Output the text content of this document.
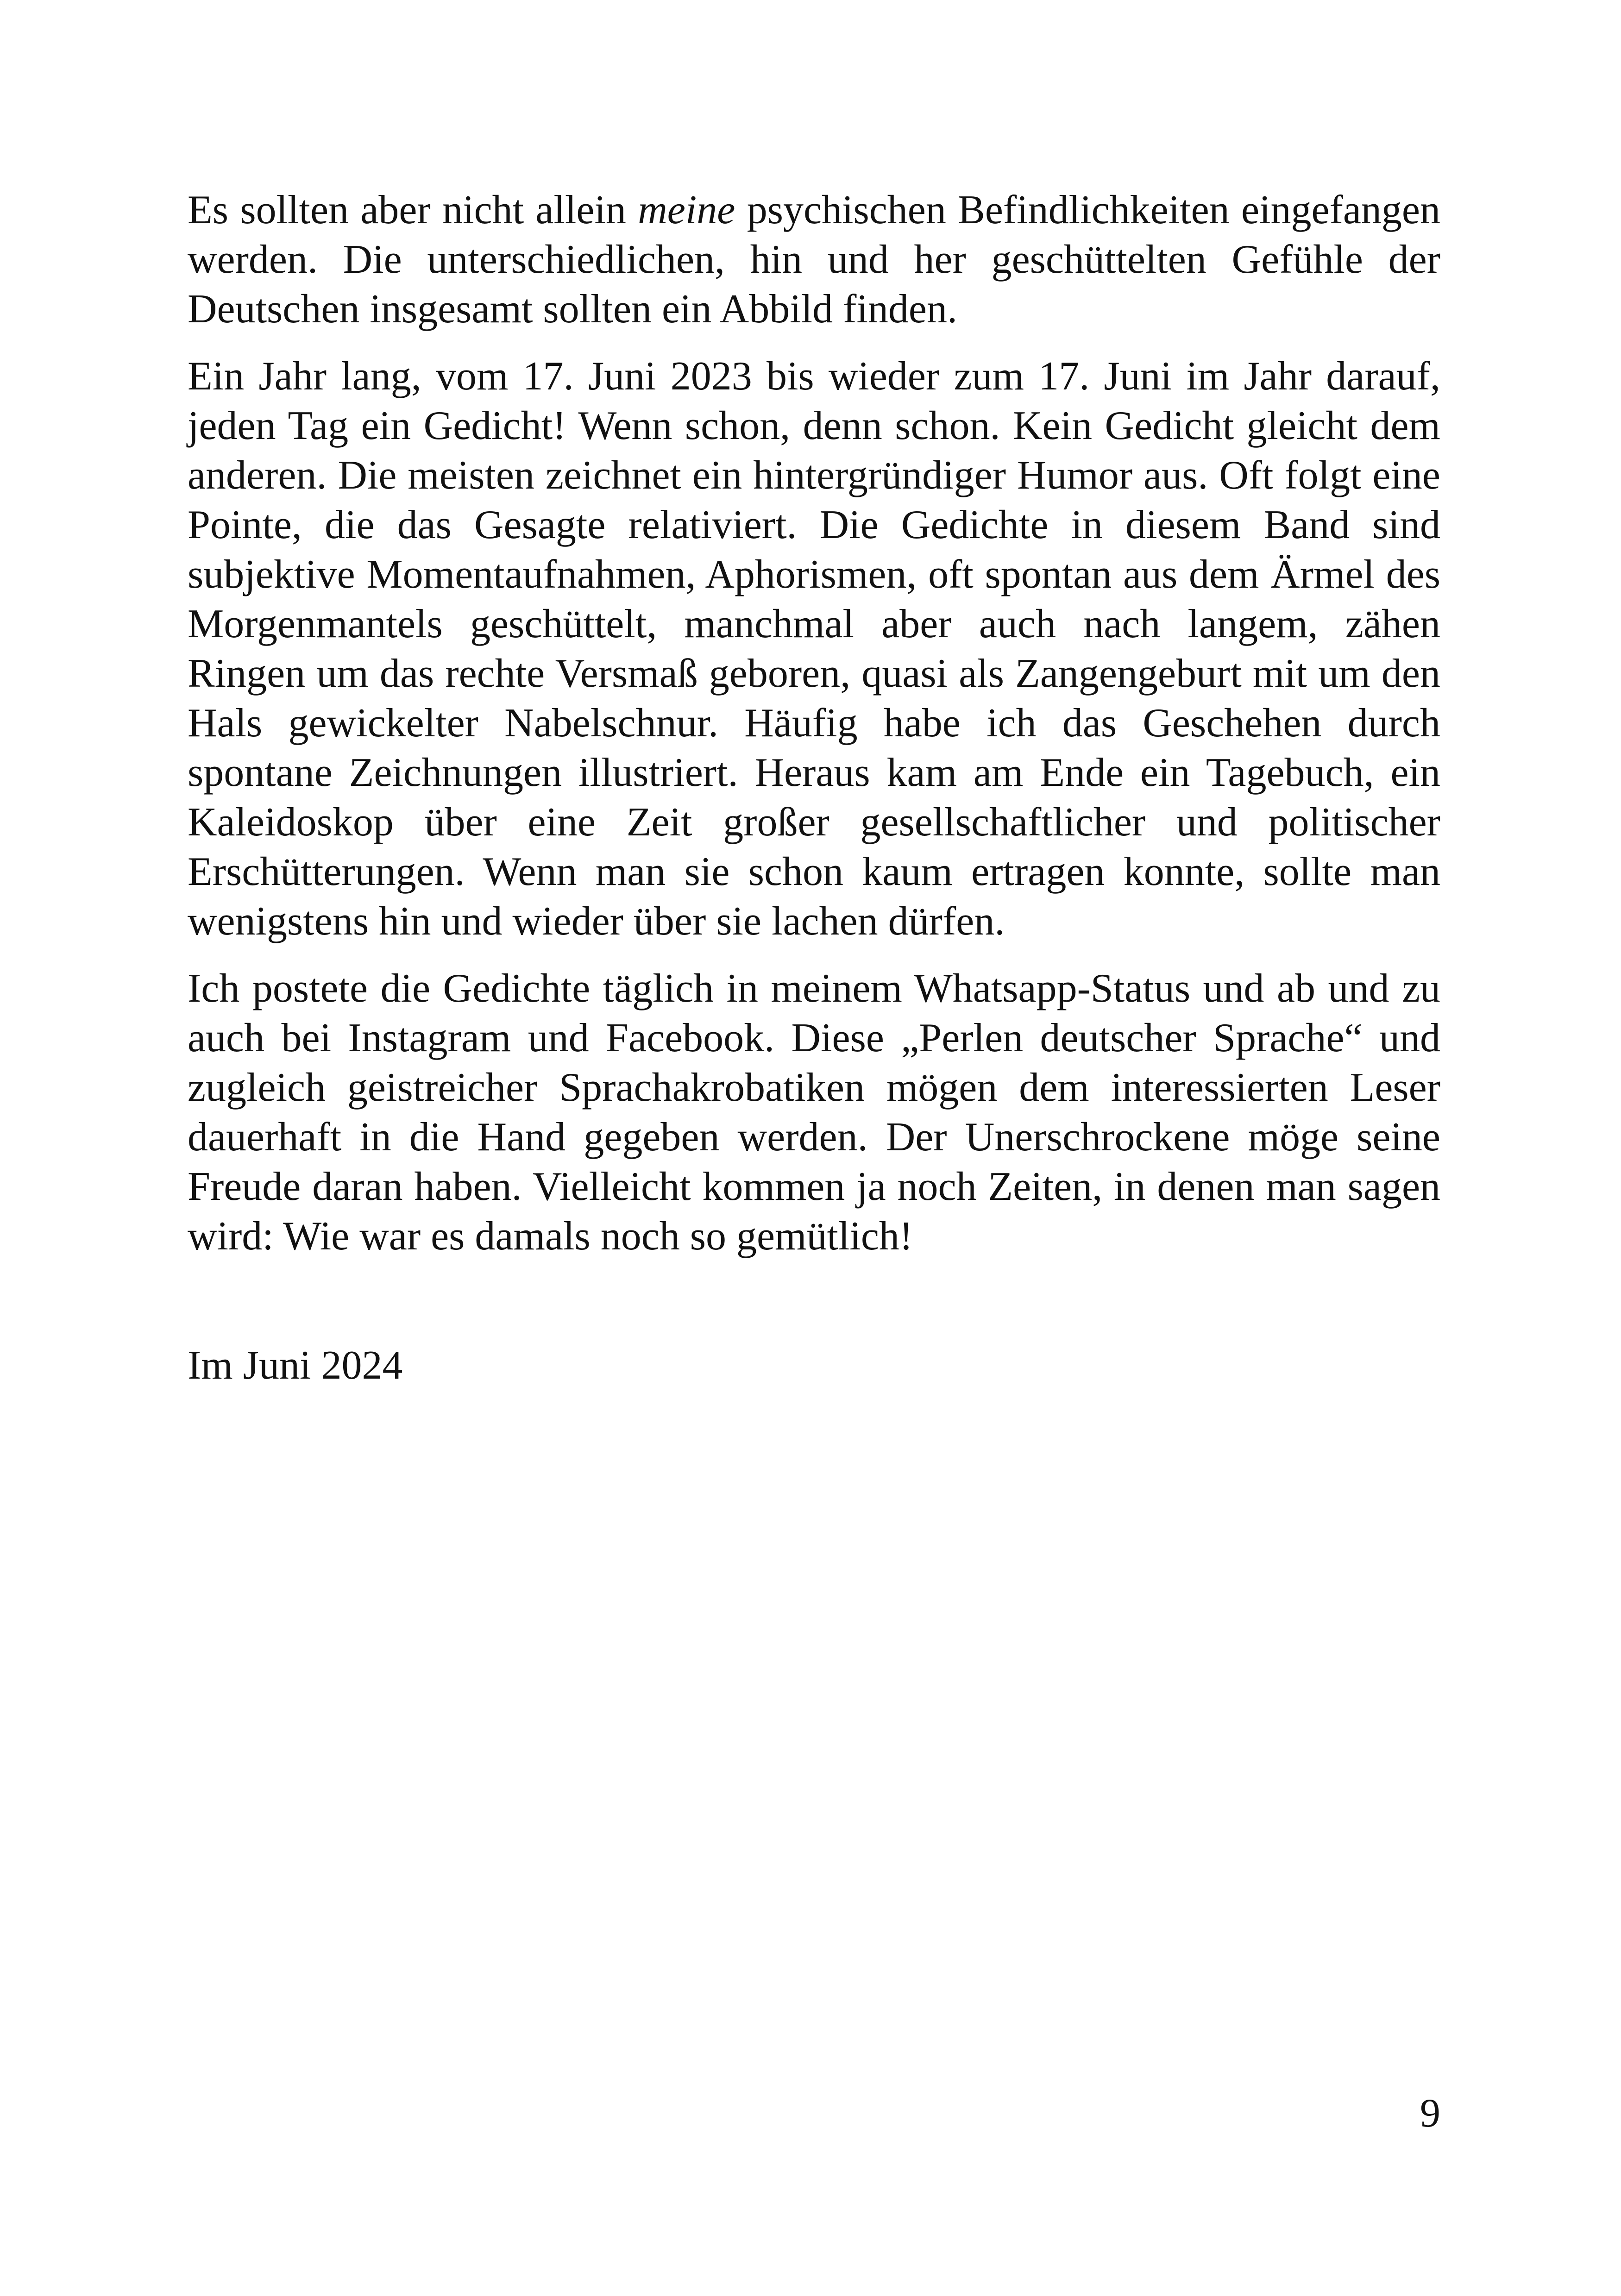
Es sollten aber nicht allein meine psychischen Befindlichkeiten eingefangen werden. Die unterschiedlichen, hin und her geschüttelten Gefühle der Deutschen insgesamt sollten ein Abbild finden.

Ein Jahr lang, vom 17. Juni 2023 bis wieder zum 17. Juni im Jahr darauf, jeden Tag ein Gedicht! Wenn schon, denn schon. Kein Gedicht gleicht dem anderen. Die meisten zeichnet ein hintergründiger Humor aus. Oft folgt eine Pointe, die das Gesagte relativiert. Die Gedichte in diesem Band sind subjektive Momentaufnahmen, Aphorismen, oft spontan aus dem Ärmel des Morgenmantels geschüttelt, manchmal aber auch nach langem, zähen Ringen um das rechte Versmaß geboren, quasi als Zangengeburt mit um den Hals gewickelter Nabelschnur. Häufig habe ich das Geschehen durch spontane Zeichnungen illustriert. Heraus kam am Ende ein Tagebuch, ein Kaleidoskop über eine Zeit großer gesellschaftlicher und politischer Erschütterungen. Wenn man sie schon kaum ertragen konnte, sollte man wenigstens hin und wieder über sie lachen dürfen.

Ich postete die Gedichte täglich in meinem Whatsapp-Status und ab und zu auch bei Instagram und Facebook. Diese „Perlen deutscher Sprache“ und zugleich geistreicher Sprachakrobatiken mögen dem interessierten Leser dauerhaft in die Hand gegeben werden. Der Unerschrockene möge seine Freude daran haben. Vielleicht kommen ja noch Zeiten, in denen man sagen wird: Wie war es damals noch so gemütlich!

Im Juni 2024

9
